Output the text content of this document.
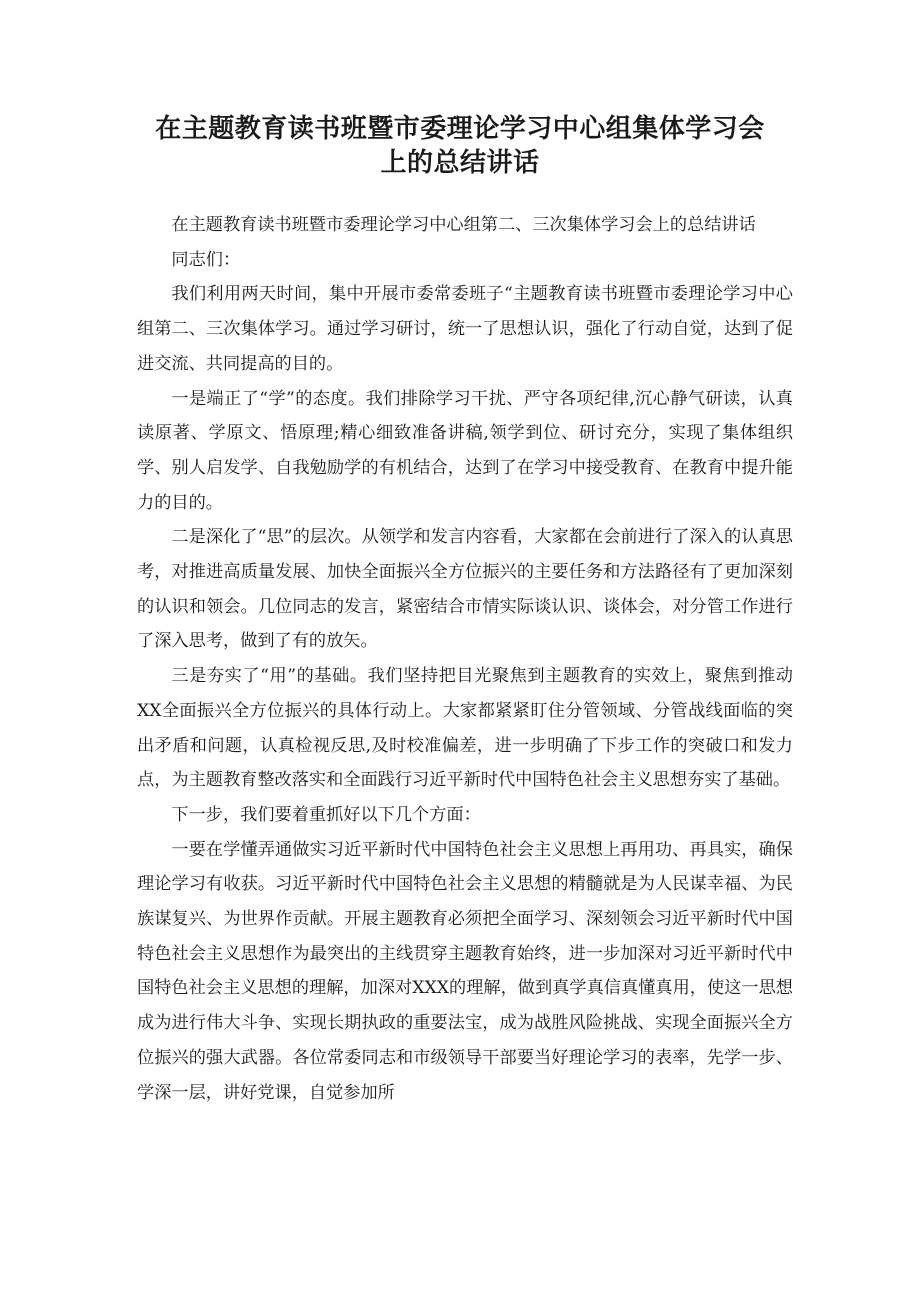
在主题教育读书班暨市委理论学习中心组集体学习会
上的总结讲话

在主题教育读书班暨市委理论学习中心组第二、三次集体学习会上的总结讲话

同志们：

我们利用两天时间，集中开展市委常委班子“主题教育读书班暨市委理论学习中心组第二、三次集体学习。通过学习研讨，统一了思想认识，强化了行动自觉，达到了促进交流、共同提高的目的。

一是端正了“学”的态度。我们排除学习干扰、严守各项纪律,沉心静气研读，认真读原著、学原文、悟原理;精心细致准备讲稿,领学到位、研讨充分，实现了集体组织学、别人启发学、自我勉励学的有机结合，达到了在学习中接受教育、在教育中提升能力的目的。

二是深化了“思”的层次。从领学和发言内容看，大家都在会前进行了深入的认真思考，对推进高质量发展、加快全面振兴全方位振兴的主要任务和方法路径有了更加深刻的认识和领会。几位同志的发言，紧密结合市情实际谈认识、谈体会，对分管工作进行了深入思考，做到了有的放矢。

三是夯实了“用”的基础。我们坚持把目光聚焦到主题教育的实效上，聚焦到推动XX全面振兴全方位振兴的具体行动上。大家都紧紧盯住分管领域、分管战线面临的突出矛盾和问题，认真检视反思,及时校准偏差，进一步明确了下步工作的突破口和发力点，为主题教育整改落实和全面践行习近平新时代中国特色社会主义思想夯实了基础。

下一步，我们要着重抓好以下几个方面：

一要在学懂弄通做实习近平新时代中国特色社会主义思想上再用功、再具实，确保理论学习有收获。习近平新时代中国特色社会主义思想的精髓就是为人民谋幸福、为民族谋复兴、为世界作贡献。开展主题教育必须把全面学习、深刻领会习近平新时代中国特色社会主义思想作为最突出的主线贯穿主题教育始终，进一步加深对习近平新时代中国特色社会主义思想的理解，加深对XXX的理解，做到真学真信真懂真用，使这一思想成为进行伟大斗争、实现长期执政的重要法宝，成为战胜风险挑战、实现全面振兴全方位振兴的强大武器。各位常委同志和市级领导干部要当好理论学习的表率，先学一步、学深一层，讲好党课，自觉参加所
